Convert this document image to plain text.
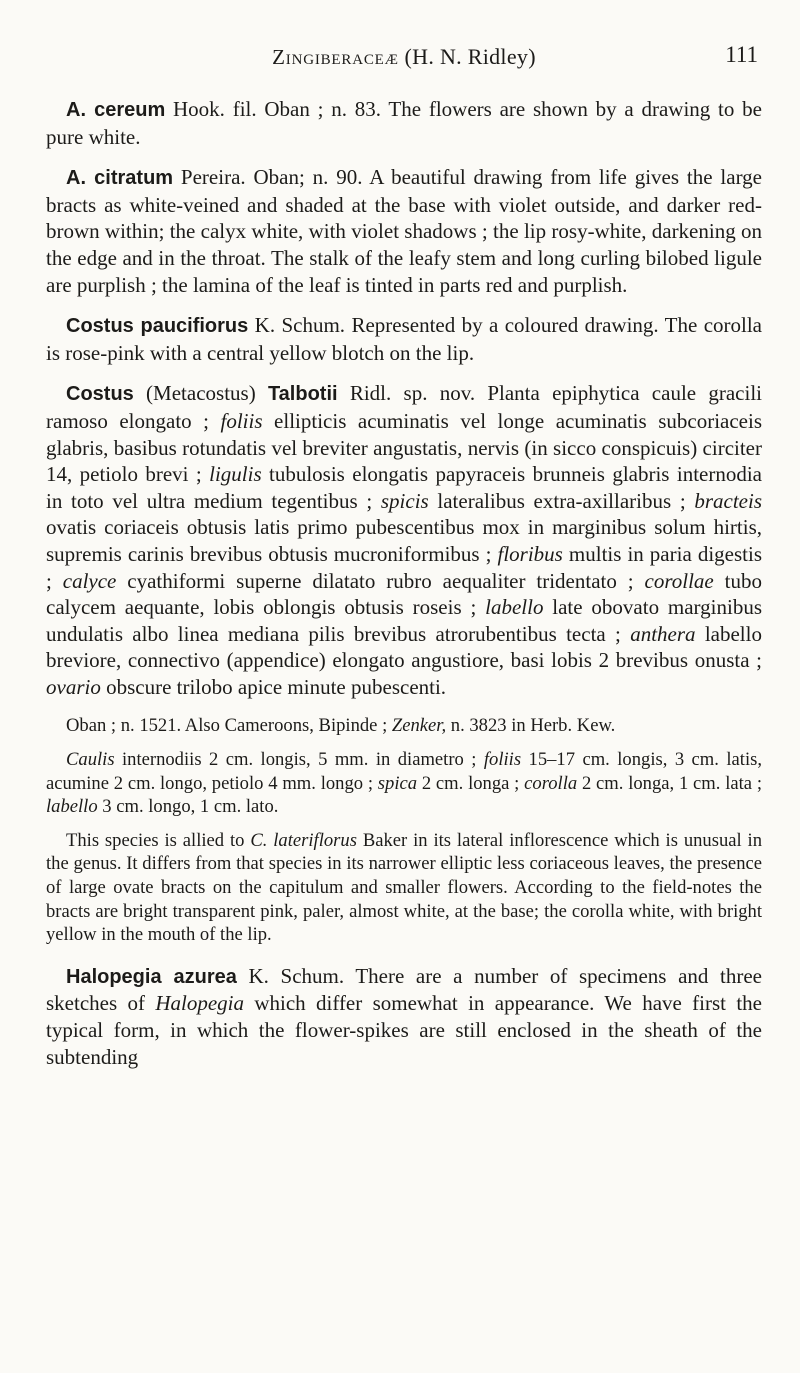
Zingiberaceæ (H. N. Ridley)	111

A. cereum Hook. fil. Oban ; n. 83. The flowers are shown by a drawing to be pure white.

A. citratum Pereira. Oban; n. 90. A beautiful drawing from life gives the large bracts as white-veined and shaded at the base with violet outside, and darker red-brown within; the calyx white, with violet shadows ; the lip rosy-white, darkening on the edge and in the throat. The stalk of the leafy stem and long curling bilobed ligule are purplish ; the lamina of the leaf is tinted in parts red and purplish.

Costus paucifiorus K. Schum. Represented by a coloured drawing. The corolla is rose-pink with a central yellow blotch on the lip.

Costus (Metacostus) Talbotii Ridl. sp. nov. Planta epiphytica caule gracili ramoso elongato ; foliis ellipticis acuminatis vel longe acuminatis subcoriaceis glabris, basibus rotundatis vel breviter angustatis, nervis (in sicco conspicuis) circiter 14, petiolo brevi ; ligulis tubulosis elongatis papyraceis brunneis glabris internodia in toto vel ultra medium tegentibus ; spicis lateralibus extra-axillaribus ; bracteis ovatis coriaceis obtusis latis primo pubescentibus mox in marginibus solum hirtis, supremis carinis brevibus obtusis mucroniformibus ; floribus multis in paria digestis ; calyce cyathiformi superne dilatato rubro aequaliter tridentato ; corollae tubo calycem aequante, lobis oblongis obtusis roseis ; labello late obovato marginibus undulatis albo linea mediana pilis brevibus atrorubentibus tecta ; anthera labello breviore, connectivo (appendice) elongato angustiore, basi lobis 2 brevibus onusta ; ovario obscure trilobo apice minute pubescenti.

Oban ; n. 1521. Also Cameroons, Bipinde ; Zenker, n. 3823 in Herb. Kew.

Caulis internodiis 2 cm. longis, 5 mm. in diametro ; foliis 15–17 cm. longis, 3 cm. latis, acumine 2 cm. longo, petiolo 4 mm. longo ; spica 2 cm. longa ; corolla 2 cm. longa, 1 cm. lata ; labello 3 cm. longo, 1 cm. lato.

This species is allied to C. lateriflorus Baker in its lateral inflorescence which is unusual in the genus. It differs from that species in its narrower elliptic less coriaceous leaves, the presence of large ovate bracts on the capitulum and smaller flowers. According to the field-notes the bracts are bright transparent pink, paler, almost white, at the base; the corolla white, with bright yellow in the mouth of the lip.

Halopegia azurea K. Schum. There are a number of specimens and three sketches of Halopegia which differ somewhat in appearance. We have first the typical form, in which the flower-spikes are still enclosed in the sheath of the subtending
